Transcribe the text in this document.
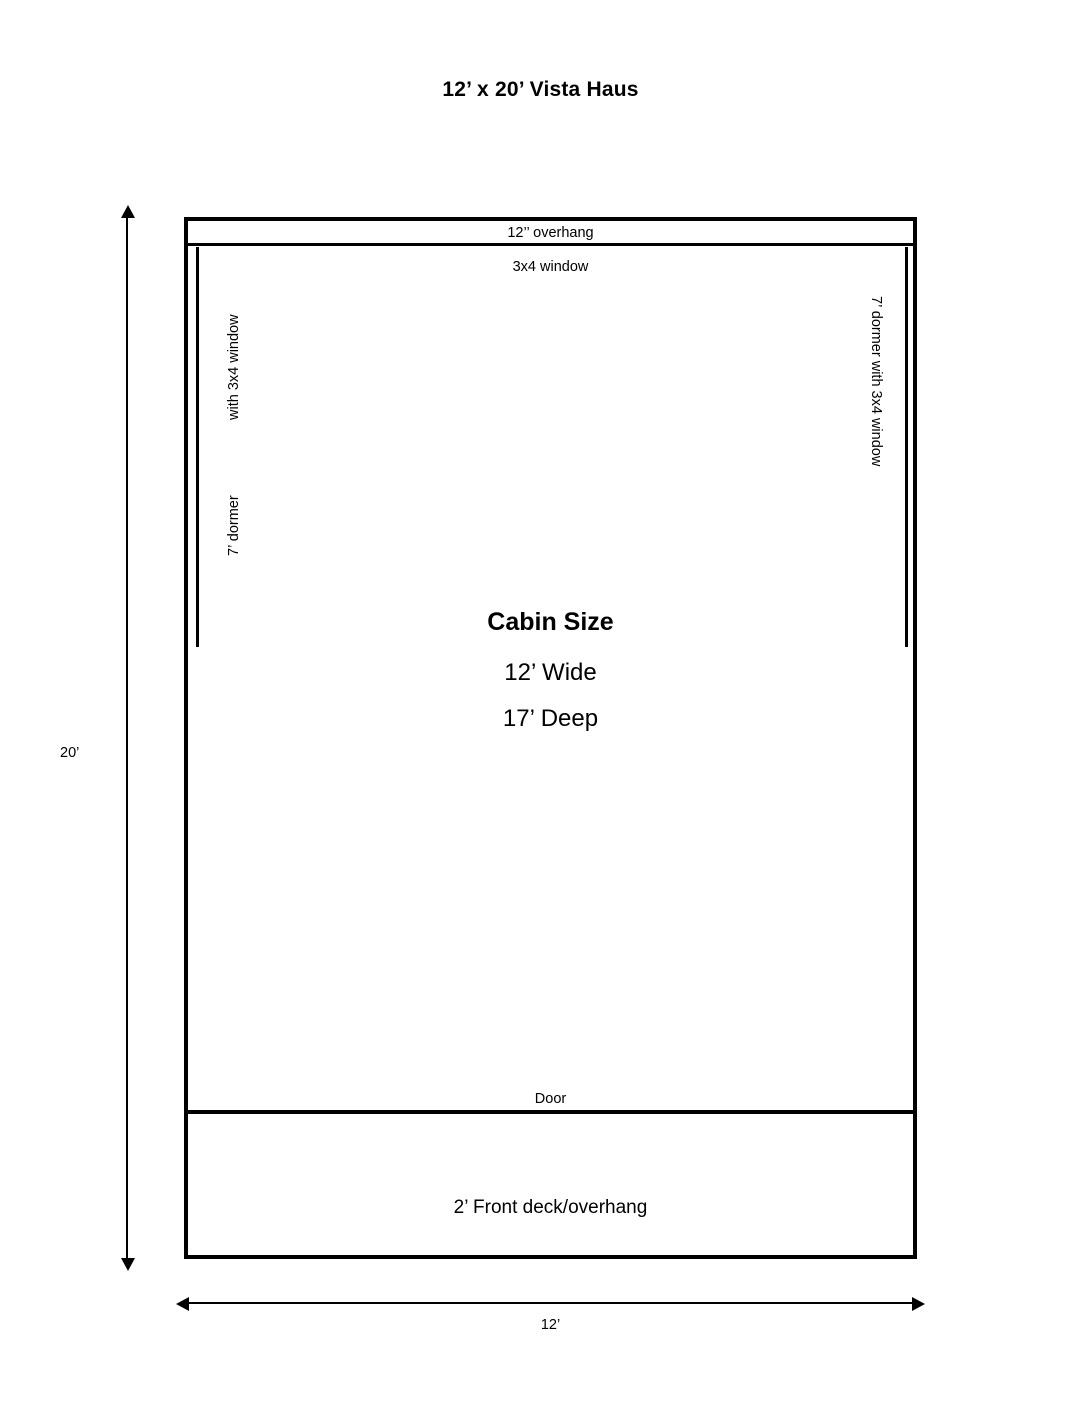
12’ x 20’ Vista Haus
12’’ overhang
3x4 window
Door
2’ Front deck/overhang
with 3x4 window
7’ dormer
7’ dormer with 3x4 window
Cabin Size
12’ Wide
17’ Deep
20’
12’
